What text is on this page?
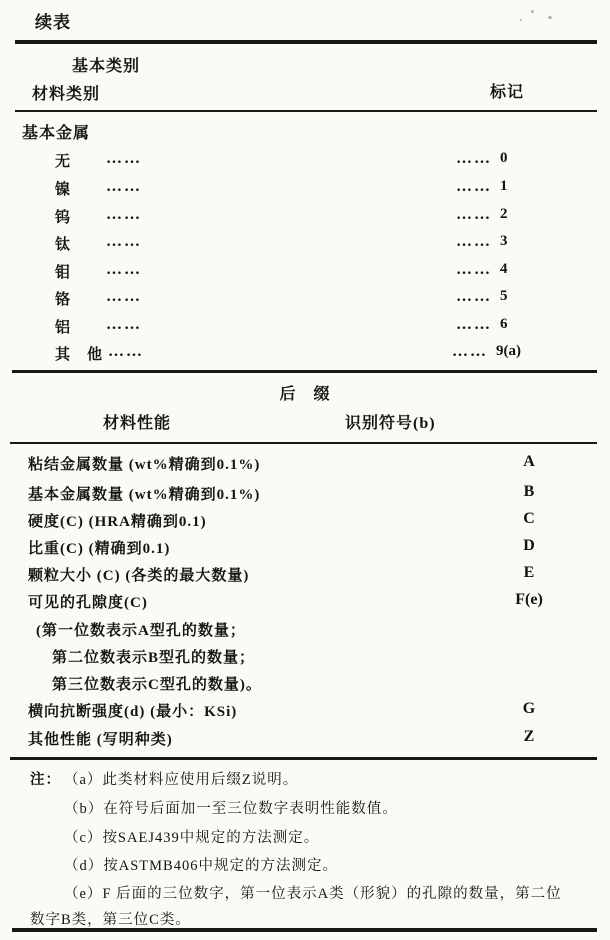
续表
基本类别
材料类别	标记
基本金属
无 ……	…… 0
镍 ……	…… 1
钨 ……	…… 2
钛 ……	…… 3
钼 ……	…… 4
铬 ……	…… 5
铝 ……	…… 6
其　他 ……	…… 9(a)
后　缀
材料性能	识别符号(b)
粘结金属数量 (wt%精确到0.1%)	A
基本金属数量 (wt%精确到0.1%)	B
硬度(C) (HRA精确到0.1)	C
比重(C) (精确到0.1)	D
颗粒大小 (C) (各类的最大数量)	E
可见的孔隙度(C)	F(e)
(第一位数表示A型孔的数量；
第二位数表示B型孔的数量；
第三位数表示C型孔的数量)。
横向抗断强度(d) (最小：KSi)	G
其他性能 (写明种类)	Z
注： （a）此类材料应使用后缀Z说明。
（b）在符号后面加一至三位数字表明性能数值。
（c）按SAEJ439中规定的方法测定。
（d）按ASTMB406中规定的方法测定。
（e）F 后面的三位数字，第一位表示A类（形貌）的孔隙的数量，第二位
数字B类，第三位C类。
